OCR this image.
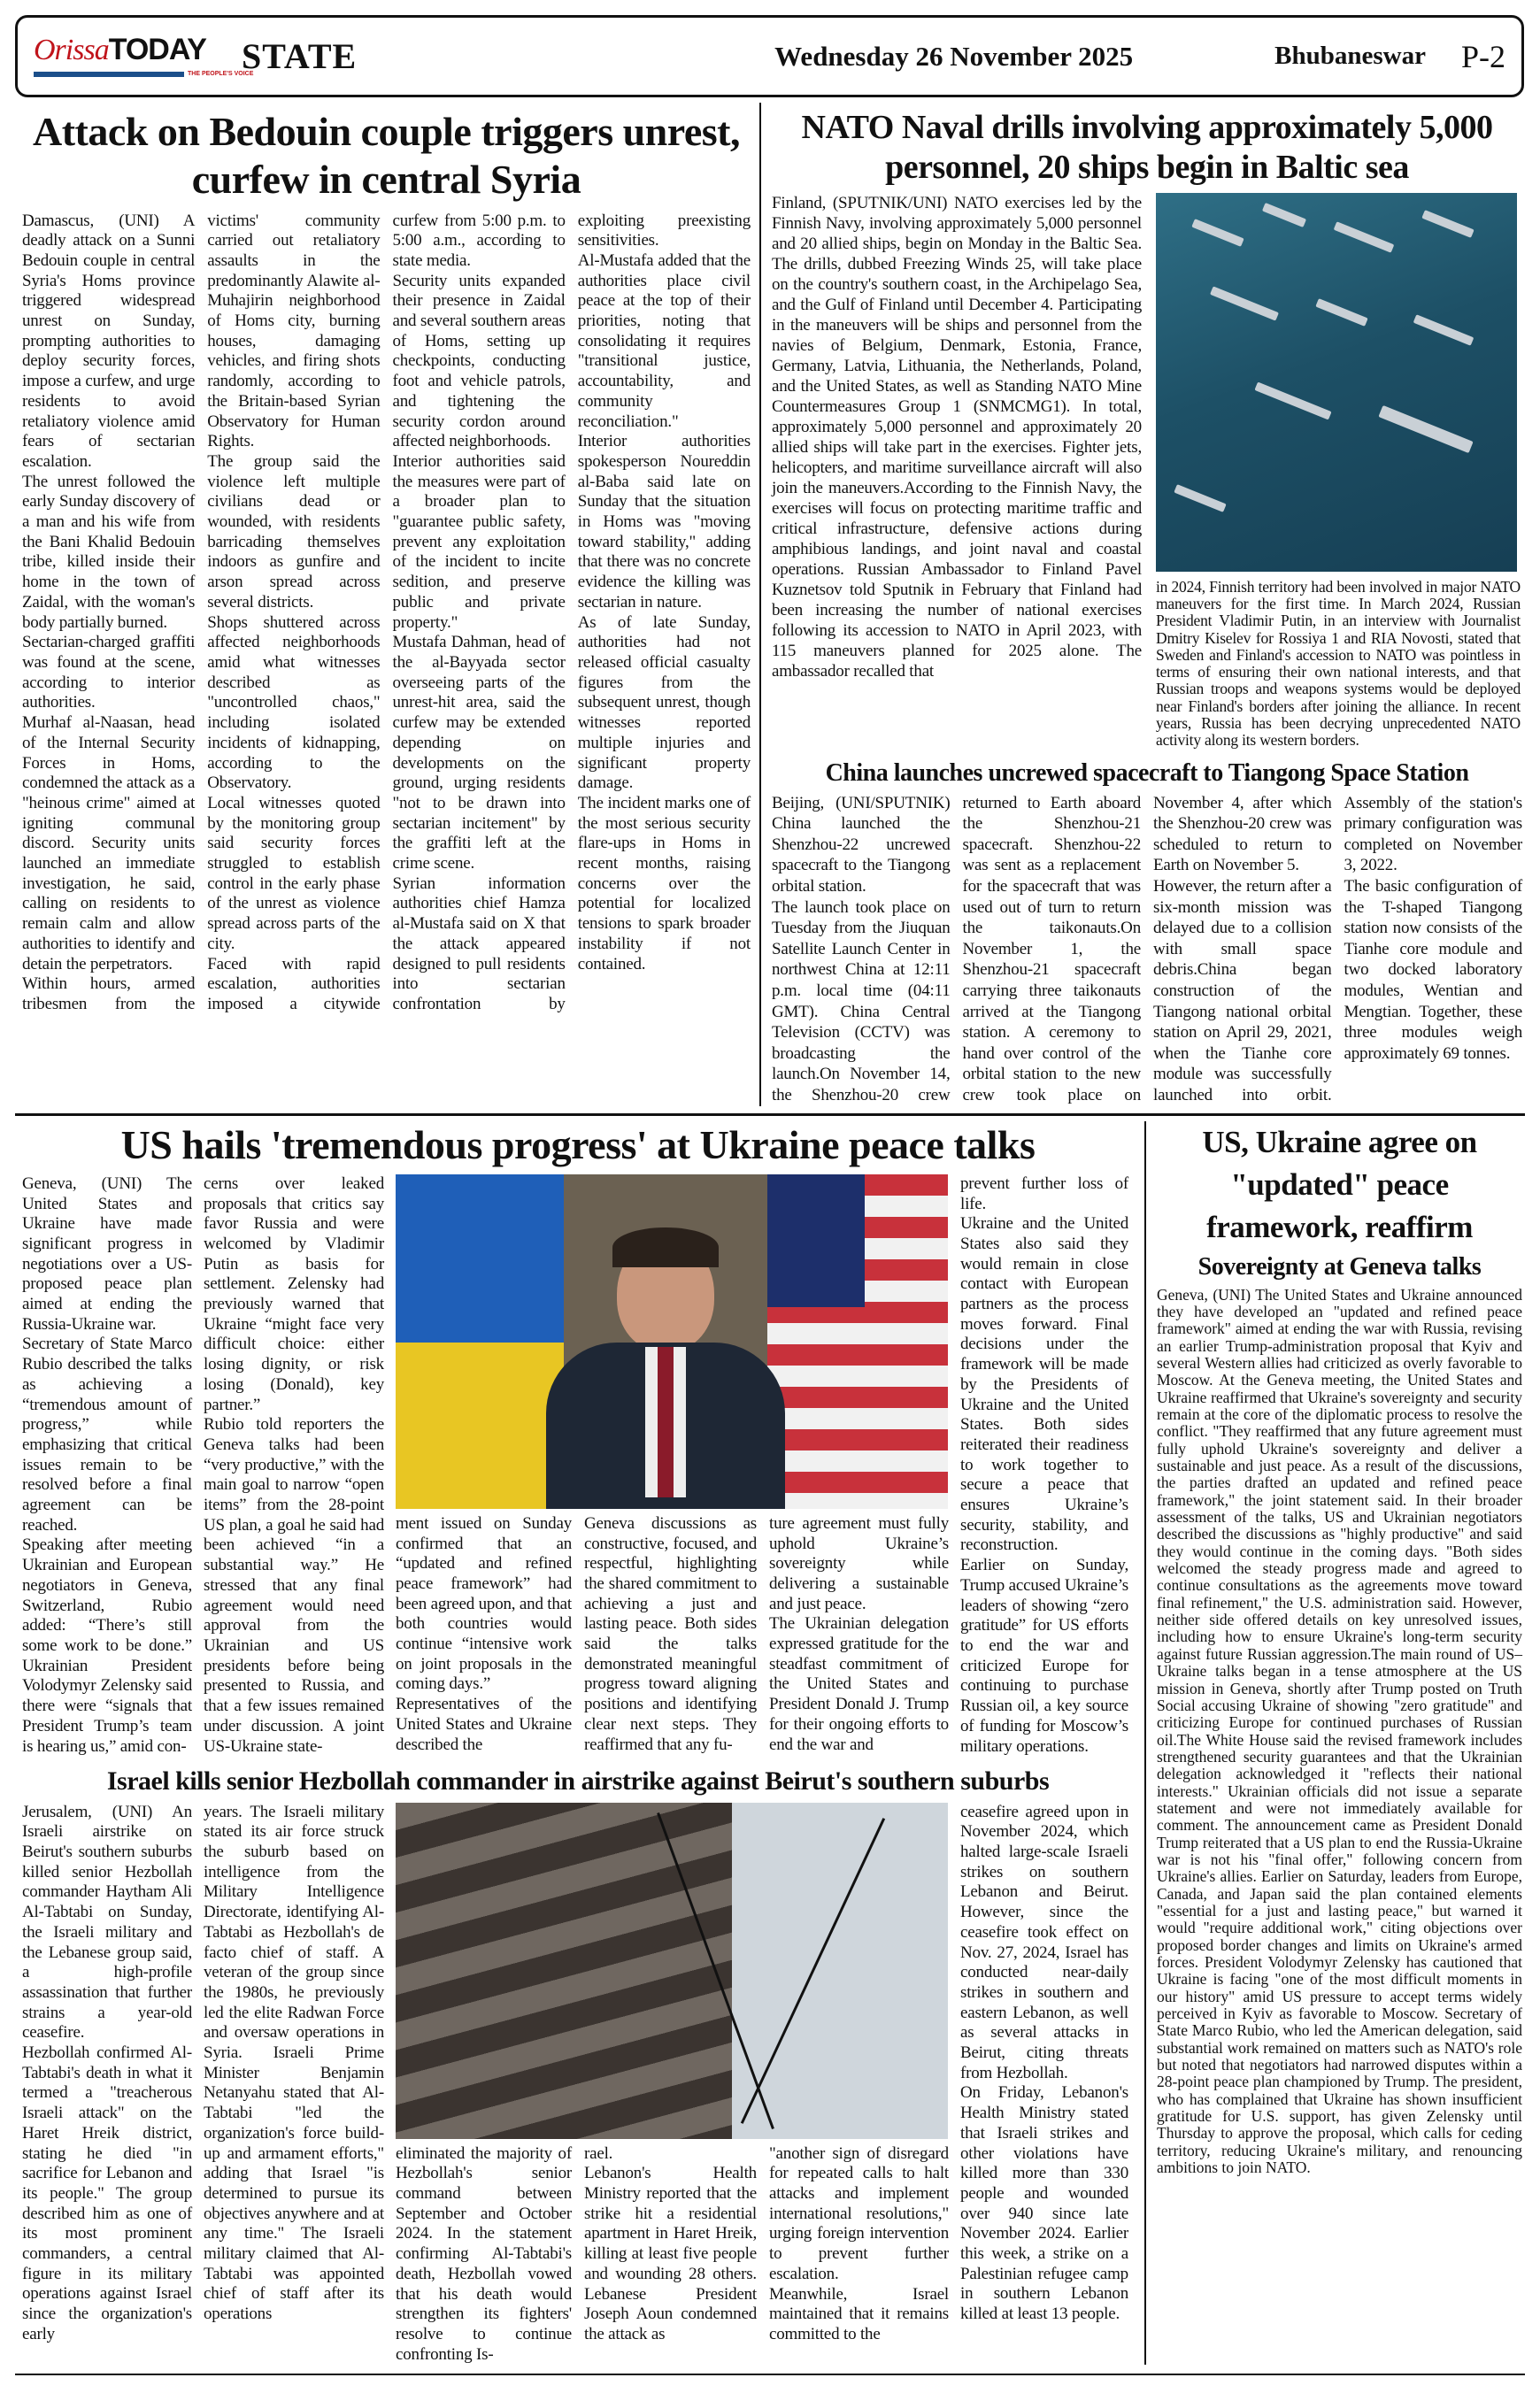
OrissaTODAY
THE PEOPLE'S VOICE
STATE	Wednesday 26 November 2025	Bhubaneswar P-2
Attack on Bedouin couple triggers unrest, curfew in central Syria

Damascus, (UNI) A deadly attack on a Sunni Bedouin couple in central Syria's Homs province triggered widespread unrest on Sunday, prompting authorities to deploy security forces, impose a curfew, and urge residents to avoid retaliatory violence amid fears of sectarian escalation.

The unrest followed the early Sunday discovery of a man and his wife from the Bani Khalid Bedouin tribe, killed inside their home in the town of Zaidal, with the woman's body partially burned.

Sectarian-charged graffiti was found at the scene, according to interior authorities.

Murhaf al-Naasan, head of the Internal Security Forces in Homs, condemned the attack as a "heinous crime" aimed at igniting communal discord. Security units launched an immediate investigation, he said, calling on residents to remain calm and allow authorities to identify and detain the perpetrators.

Within hours, armed tribesmen from the victims' community carried out retaliatory assaults in the predominantly Alawite al-Muhajirin neighborhood of Homs city, burning houses, damaging vehicles, and firing shots randomly, according to the Britain-based Syrian Observatory for Human Rights.

The group said the violence left multiple civilians dead or wounded, with residents barricading themselves indoors as gunfire and arson spread across several districts.

Shops shuttered across affected neighborhoods amid what witnesses described as "uncontrolled chaos," including isolated incidents of kidnapping, according to the Observatory.

Local witnesses quoted by the monitoring group said security forces struggled to establish control in the early phase of the unrest as violence spread across parts of the city.

Faced with rapid escalation, authorities imposed a citywide curfew from 5:00 p.m. to 5:00 a.m., according to state media.

Security units expanded their presence in Zaidal and several southern areas of Homs, setting up checkpoints, conducting foot and vehicle patrols, and tightening the security cordon around affected neighborhoods.

Interior authorities said the measures were part of a broader plan to "guarantee public safety, prevent any exploitation of the incident to incite sedition, and preserve public and private property."

Mustafa Dahman, head of the al-Bayyada sector overseeing parts of the unrest-hit area, said the curfew may be extended depending on developments on the ground, urging residents "not to be drawn into sectarian incitement" by the graffiti left at the crime scene.

Syrian information authorities chief Hamza al-Mustafa said on X that the attack appeared designed to pull residents into sectarian confrontation by exploiting preexisting sensitivities.

Al-Mustafa added that the authorities place civil peace at the top of their priorities, noting that consolidating it requires "transitional justice, accountability, and community reconciliation."

Interior authorities spokesperson Noureddin al-Baba said late on Sunday that the situation in Homs was "moving toward stability," adding that there was no concrete evidence the killing was sectarian in nature.

As of late Sunday, authorities had not released official casualty figures from the subsequent unrest, though witnesses reported multiple injuries and significant property damage.

The incident marks one of the most serious security flare-ups in Homs in recent months, raising concerns over the potential for localized tensions to spark broader instability if not contained.

NATO Naval drills involving approximately 5,000 personnel, 20 ships begin in Baltic sea
Finland, (SPUTNIK/UNI) NATO exercises led by the Finnish Navy, involving approximately 5,000 personnel and 20 allied ships, begin on Monday in the Baltic Sea. The drills, dubbed Freezing Winds 25, will take place on the country's southern coast, in the Archipelago Sea, and the Gulf of Finland until December 4. Participating in the maneuvers will be ships and personnel from the navies of Belgium, Denmark, Estonia, France, Germany, Latvia, Lithuania, the Netherlands, Poland, and the United States, as well as Standing NATO Mine Countermeasures Group 1 (SNMCMG1). In total, approximately 5,000 personnel and approximately 20 allied ships will take part in the exercises. Fighter jets, helicopters, and maritime surveillance aircraft will also join the maneuvers.According to the Finnish Navy, the exercises will focus on protecting maritime traffic and critical infrastructure, defensive actions during amphibious landings, and joint naval and coastal operations. Russian Ambassador to Finland Pavel Kuznetsov told Sputnik in February that Finland had been increasing the number of national exercises following its accession to NATO in April 2023, with 115 maneuvers planned for 2025 alone. The ambassador recalled that
in 2024, Finnish territory had been involved in major NATO maneuvers for the first time. In March 2024, Russian President Vladimir Putin, in an interview with Journalist Dmitry Kiselev for Rossiya 1 and RIA Novosti, stated that Sweden and Finland's accession to NATO was pointless in terms of ensuring their own national interests, and that Russian troops and weapons systems would be deployed near Finland's borders after joining the alliance. In recent years, Russia has been decrying unprecedented NATO activity along its western borders.
China launches uncrewed spacecraft to Tiangong Space Station

Beijing, (UNI/SPUTNIK) China launched the Shenzhou-22 uncrewed spacecraft to the Tiangong orbital station.

The launch took place on Tuesday from the Jiuquan Satellite Launch Center in northwest China at 12:11 p.m. local time (04:11 GMT). China Central Television (CCTV) was broadcasting the launch.On November 14, the Shenzhou-20 crew returned to Earth aboard the Shenzhou-21 spacecraft. Shenzhou-22 was sent as a replacement for the spacecraft that was used out of turn to return the taikonauts.On November 1, the Shenzhou-21 spacecraft carrying three taikonauts arrived at the Tiangong station. A ceremony to hand over control of the orbital station to the new crew took place on November 4, after which the Shenzhou-20 crew was scheduled to return to Earth on November 5.

However, the return after a six-month mission was delayed due to a collision with small space debris.China began construction of the Tiangong national orbital station on April 29, 2021, when the Tianhe core module was successfully launched into orbit. Assembly of the station's primary configuration was completed on November 3, 2022.

The basic configuration of the T-shaped Tiangong station now consists of the Tianhe core module and two docked laboratory modules, Wentian and Mengtian. Together, these three modules weigh approximately 69 tonnes.

US hails 'tremendous progress' at Ukraine peace talks

Geneva, (UNI) The United States and Ukraine have made significant progress in negotiations over a US-proposed peace plan aimed at ending the Russia-Ukraine war.

Secretary of State Marco Rubio described the talks as achieving a “tremendous amount of progress,” while emphasizing that critical issues remain to be resolved before a final agreement can be reached.

Speaking after meeting Ukrainian and European negotiators in Geneva, Switzerland, Rubio added: “There’s still some work to be done.” Ukrainian President Volodymyr Zelensky said there were “signals that President Trump’s team is hearing us,” amid con-

cerns over leaked proposals that critics say favor Russia and were welcomed by Vladimir Putin as basis for settlement. Zelensky had previously warned that Ukraine “might face very difficult choice: either losing dignity, or risk losing (Donald), key partner.”

Rubio told reporters the Geneva talks had been “very productive,” with the main goal to narrow “open items” from the 28-point US plan, a goal he said had been achieved “in a substantial way.” He stressed that any final agreement would need approval from the Ukrainian and US presidents before being presented to Russia, and that a few issues remained under discussion. A joint US-Ukraine state-

ment issued on Sunday confirmed that an “updated and refined peace framework” had been agreed upon, and that both countries would continue “intensive work on joint proposals in the coming days.”

Representatives of the United States and Ukraine described the

Geneva discussions as constructive, focused, and respectful, highlighting the shared commitment to achieving a just and lasting peace. Both sides said the talks demonstrated meaningful progress toward aligning positions and identifying clear next steps. They reaffirmed that any fu-

ture agreement must fully uphold Ukraine’s sovereignty while delivering a sustainable and just peace.

The Ukrainian delegation expressed gratitude for the steadfast commitment of the United States and President Donald J. Trump for their ongoing efforts to end the war and

prevent further loss of life.

Ukraine and the United States also said they would remain in close contact with European partners as the process moves forward. Final decisions under the framework will be made by the Presidents of Ukraine and the United States. Both sides reiterated their readiness to work together to secure a peace that ensures Ukraine’s security, stability, and reconstruction.

Earlier on Sunday, Trump accused Ukraine’s leaders of showing “zero gratitude” for US efforts to end the war and criticized Europe for continuing to purchase Russian oil, a key source of funding for Moscow’s military operations.

Israel kills senior Hezbollah commander in airstrike against Beirut's southern suburbs

Jerusalem, (UNI) An Israeli airstrike on Beirut's southern suburbs killed senior Hezbollah commander Haytham Ali Al-Tabtabi on Sunday, the Israeli military and the Lebanese group said, a high-profile assassination that further strains a year-old ceasefire.

Hezbollah confirmed Al-Tabtabi's death in what it termed a "treacherous Israeli attack" on the Haret Hreik district, stating he died "in sacrifice for Lebanon and its people." The group described him as one of its most prominent commanders, a central figure in its military operations against Israel since the organization's early

years. The Israeli military stated its air force struck the suburb based on intelligence from the Military Intelligence Directorate, identifying Al-Tabtabi as Hezbollah's de facto chief of staff. A veteran of the group since the 1980s, he previously led the elite Radwan Force and oversaw operations in Syria. Israeli Prime Minister Benjamin Netanyahu stated that Al-Tabtabi "led the organization's force build-up and armament efforts," adding that Israel "is determined to pursue its objectives anywhere and at any time." The Israeli military claimed that Al-Tabtabi was appointed chief of staff after its operations

eliminated the majority of Hezbollah's senior command between September and October 2024. In the statement confirming Al-Tabtabi's death, Hezbollah vowed that his death would strengthen its fighters' resolve to continue confronting Is-

rael.

Lebanon's Health Ministry reported that the strike hit a residential apartment in Haret Hreik, killing at least five people and wounding 28 others. Lebanese President Joseph Aoun condemned the attack as

"another sign of disregard for repeated calls to halt attacks and implement international resolutions," urging foreign intervention to prevent further escalation.

Meanwhile, Israel maintained that it remains committed to the

ceasefire agreed upon in November 2024, which halted large-scale Israeli strikes on southern Lebanon and Beirut. However, since the ceasefire took effect on Nov. 27, 2024, Israel has conducted near-daily strikes in southern and eastern Lebanon, as well as several attacks in Beirut, citing threats from Hezbollah.

On Friday, Lebanon's Health Ministry stated that Israeli strikes and other violations have killed more than 330 people and wounded over 940 since late November 2024. Earlier this week, a strike on a Palestinian refugee camp in southern Lebanon killed at least 13 people.

US, Ukraine agree on "updated" peace framework, reaffirm
Sovereignty at Geneva talks
Geneva, (UNI) The United States and Ukraine announced they have developed an "updated and refined peace framework" aimed at ending the war with Russia, revising an earlier Trump-administration proposal that Kyiv and several Western allies had criticized as overly favorable to Moscow. At the Geneva meeting, the United States and Ukraine reaffirmed that Ukraine's sovereignty and security remain at the core of the diplomatic process to resolve the conflict. "They reaffirmed that any future agreement must fully uphold Ukraine's sovereignty and deliver a sustainable and just peace. As a result of the discussions, the parties drafted an updated and refined peace framework," the joint statement said. In their broader assessment of the talks, US and Ukrainian negotiators described the discussions as "highly productive" and said they would continue in the coming days. "Both sides welcomed the steady progress made and agreed to continue consultations as the agreements move toward final refinement," the U.S. administration said. However, neither side offered details on key unresolved issues, including how to ensure Ukraine's long-term security against future Russian aggression.The main round of US–Ukraine talks began in a tense atmosphere at the US mission in Geneva, shortly after Trump posted on Truth Social accusing Ukraine of showing "zero gratitude" and criticizing Europe for continued purchases of Russian oil.The White House said the revised framework includes strengthened security guarantees and that the Ukrainian delegation acknowledged it "reflects their national interests." Ukrainian officials did not issue a separate statement and were not immediately available for comment. The announcement came as President Donald Trump reiterated that a US plan to end the Russia-Ukraine war is not his "final offer," following concern from Ukraine's allies. Earlier on Saturday, leaders from Europe, Canada, and Japan said the plan contained elements "essential for a just and lasting peace," but warned it would "require additional work," citing objections over proposed border changes and limits on Ukraine's armed forces. President Volodymyr Zelensky has cautioned that Ukraine is facing "one of the most difficult moments in our history" amid US pressure to accept terms widely perceived in Kyiv as favorable to Moscow. Secretary of State Marco Rubio, who led the American delegation, said substantial work remained on matters such as NATO's role but noted that negotiators had narrowed disputes within a 28-point peace plan championed by Trump. The president, who has complained that Ukraine has shown insufficient gratitude for U.S. support, has given Zelensky until Thursday to approve the proposal, which calls for ceding territory, reducing Ukraine's military, and renouncing ambitions to join NATO.
